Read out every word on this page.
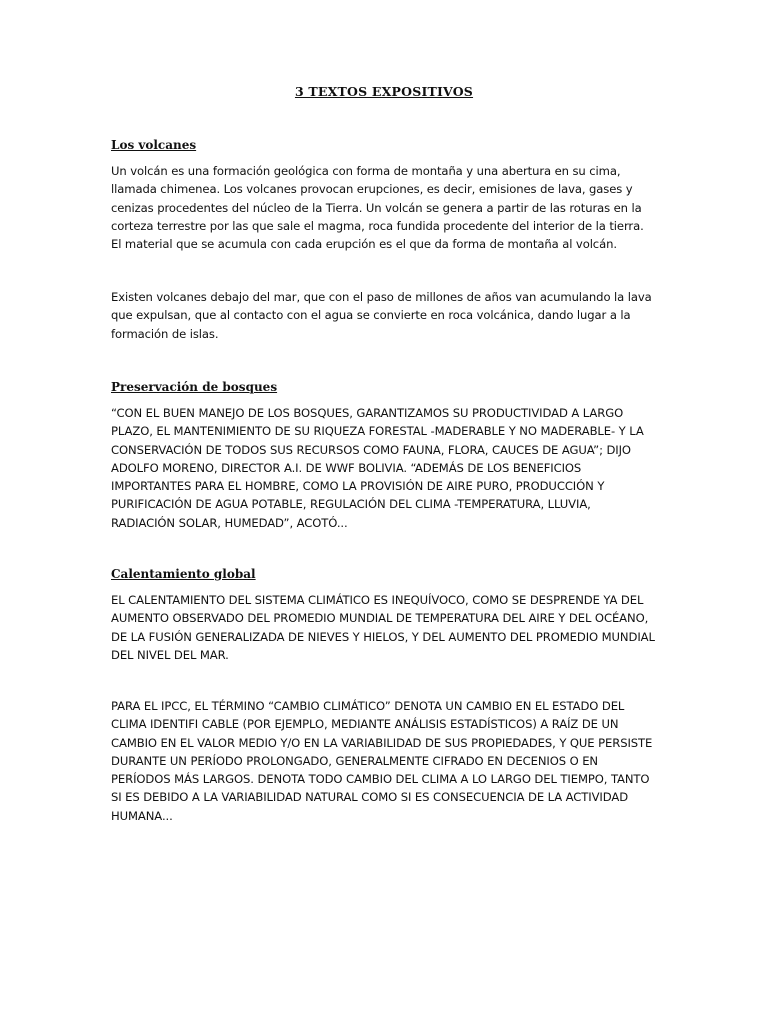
3 TEXTOS EXPOSITIVOS
Los volcanes
Un volcán es una formación geológica con forma de montaña y una abertura en su cima,
llamada chimenea. Los volcanes provocan erupciones, es decir, emisiones de lava, gases y
cenizas procedentes del núcleo de la Tierra. Un volcán se genera a partir de las roturas en la
corteza terrestre por las que sale el magma, roca fundida procedente del interior de la tierra.
El material que se acumula con cada erupción es el que da forma de montaña al volcán.
Existen volcanes debajo del mar, que con el paso de millones de años van acumulando la lava
que expulsan, que al contacto con el agua se convierte en roca volcánica, dando lugar a la
formación de islas.
Preservación de bosques
“CON EL BUEN MANEJO DE LOS BOSQUES, GARANTIZAMOS SU PRODUCTIVIDAD A LARGO
PLAZO, EL MANTENIMIENTO DE SU RIQUEZA FORESTAL -MADERABLE Y NO MADERABLE- Y LA
CONSERVACIÓN DE TODOS SUS RECURSOS COMO FAUNA, FLORA, CAUCES DE AGUA”; DIJO
ADOLFO MORENO, DIRECTOR A.I. DE WWF BOLIVIA. “ADEMÁS DE LOS BENEFICIOS
IMPORTANTES PARA EL HOMBRE, COMO LA PROVISIÓN DE AIRE PURO, PRODUCCIÓN Y
PURIFICACIÓN DE AGUA POTABLE, REGULACIÓN DEL CLIMA -TEMPERATURA, LLUVIA,
RADIACIÓN SOLAR, HUMEDAD”, ACOTÓ...
Calentamiento global
EL CALENTAMIENTO DEL SISTEMA CLIMÁTICO ES INEQUÍVOCO, COMO SE DESPRENDE YA DEL
AUMENTO OBSERVADO DEL PROMEDIO MUNDIAL DE TEMPERATURA DEL AIRE Y DEL OCÉANO,
DE LA FUSIÓN GENERALIZADA DE NIEVES Y HIELOS, Y DEL AUMENTO DEL PROMEDIO MUNDIAL
DEL NIVEL DEL MAR.
PARA EL IPCC, EL TÉRMINO “CAMBIO CLIMÁTICO” DENOTA UN CAMBIO EN EL ESTADO DEL
CLIMA IDENTIFI CABLE (POR EJEMPLO, MEDIANTE ANÁLISIS ESTADÍSTICOS) A RAÍZ DE UN
CAMBIO EN EL VALOR MEDIO Y/O EN LA VARIABILIDAD DE SUS PROPIEDADES, Y QUE PERSISTE
DURANTE UN PERÍODO PROLONGADO, GENERALMENTE CIFRADO EN DECENIOS O EN
PERÍODOS MÁS LARGOS. DENOTA TODO CAMBIO DEL CLIMA A LO LARGO DEL TIEMPO, TANTO
SI ES DEBIDO A LA VARIABILIDAD NATURAL COMO SI ES CONSECUENCIA DE LA ACTIVIDAD
HUMANA...
